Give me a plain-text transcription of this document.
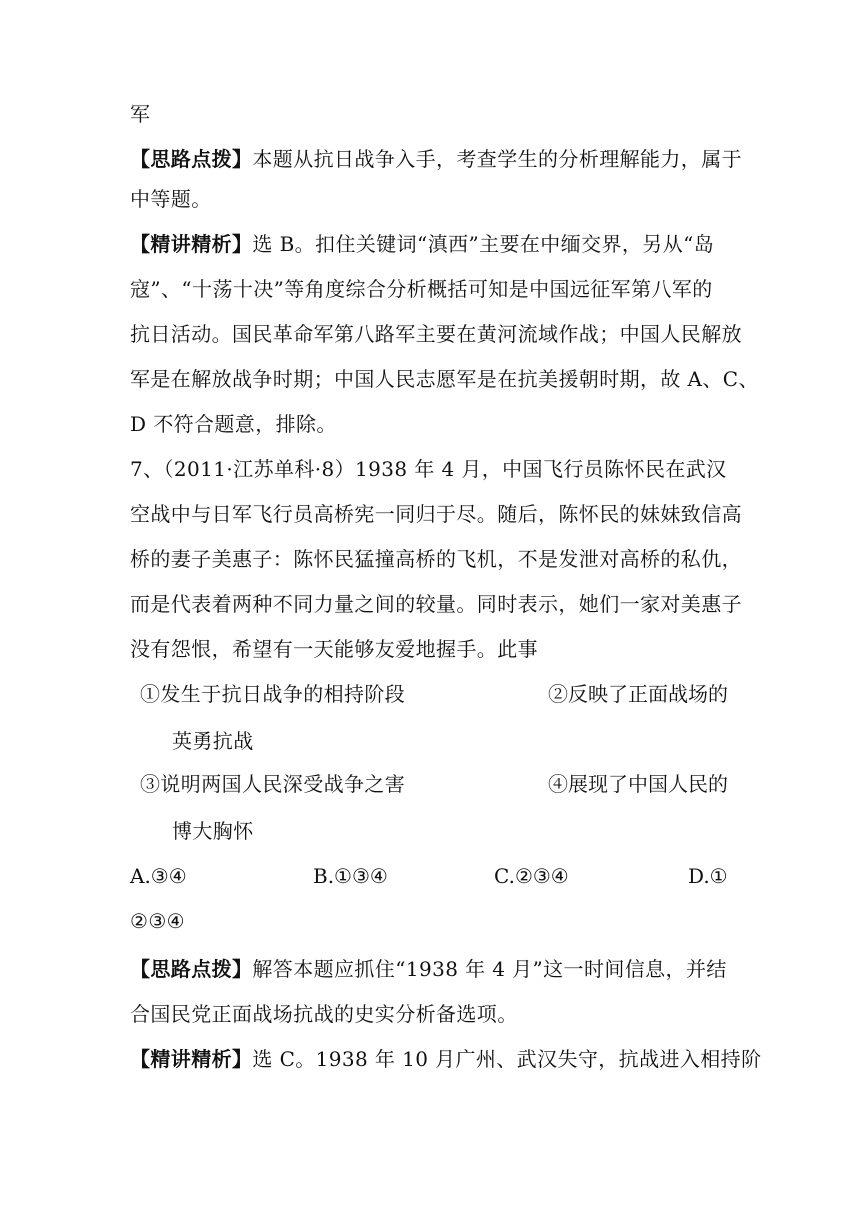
军
【思路点拨】本题从抗日战争入手，考查学生的分析理解能力，属于
中等题。
【精讲精析】选 B。扣住关键词“滇西”主要在中缅交界，另从“岛
寇”、“十荡十决”等角度综合分析概括可知是中国远征军第八军的
抗日活动。国民革命军第八路军主要在黄河流域作战；中国人民解放
军是在解放战争时期；中国人民志愿军是在抗美援朝时期，故 A、C、
D 不符合题意，排除。
7、（2011·江苏单科·8）1938 年 4 月，中国飞行员陈怀民在武汉
空战中与日军飞行员高桥宪一同归于尽。随后，陈怀民的妹妹致信高
桥的妻子美惠子：陈怀民猛撞高桥的飞机，不是发泄对高桥的私仇，
而是代表着两种不同力量之间的较量。同时表示，她们一家对美惠子
没有怨恨，希望有一天能够友爱地握手。此事
①发生于抗日战争的相持阶段	②反映了正面战场的
英勇抗战
③说明两国人民深受战争之害	④展现了中国人民的
博大胸怀
A.③④	B.①③④	C.②③④	D.①
②③④
【思路点拨】解答本题应抓住“1938 年 4 月”这一时间信息，并结
合国民党正面战场抗战的史实分析备选项。
【精讲精析】选 C。1938 年 10 月广州、武汉失守，抗战进入相持阶
